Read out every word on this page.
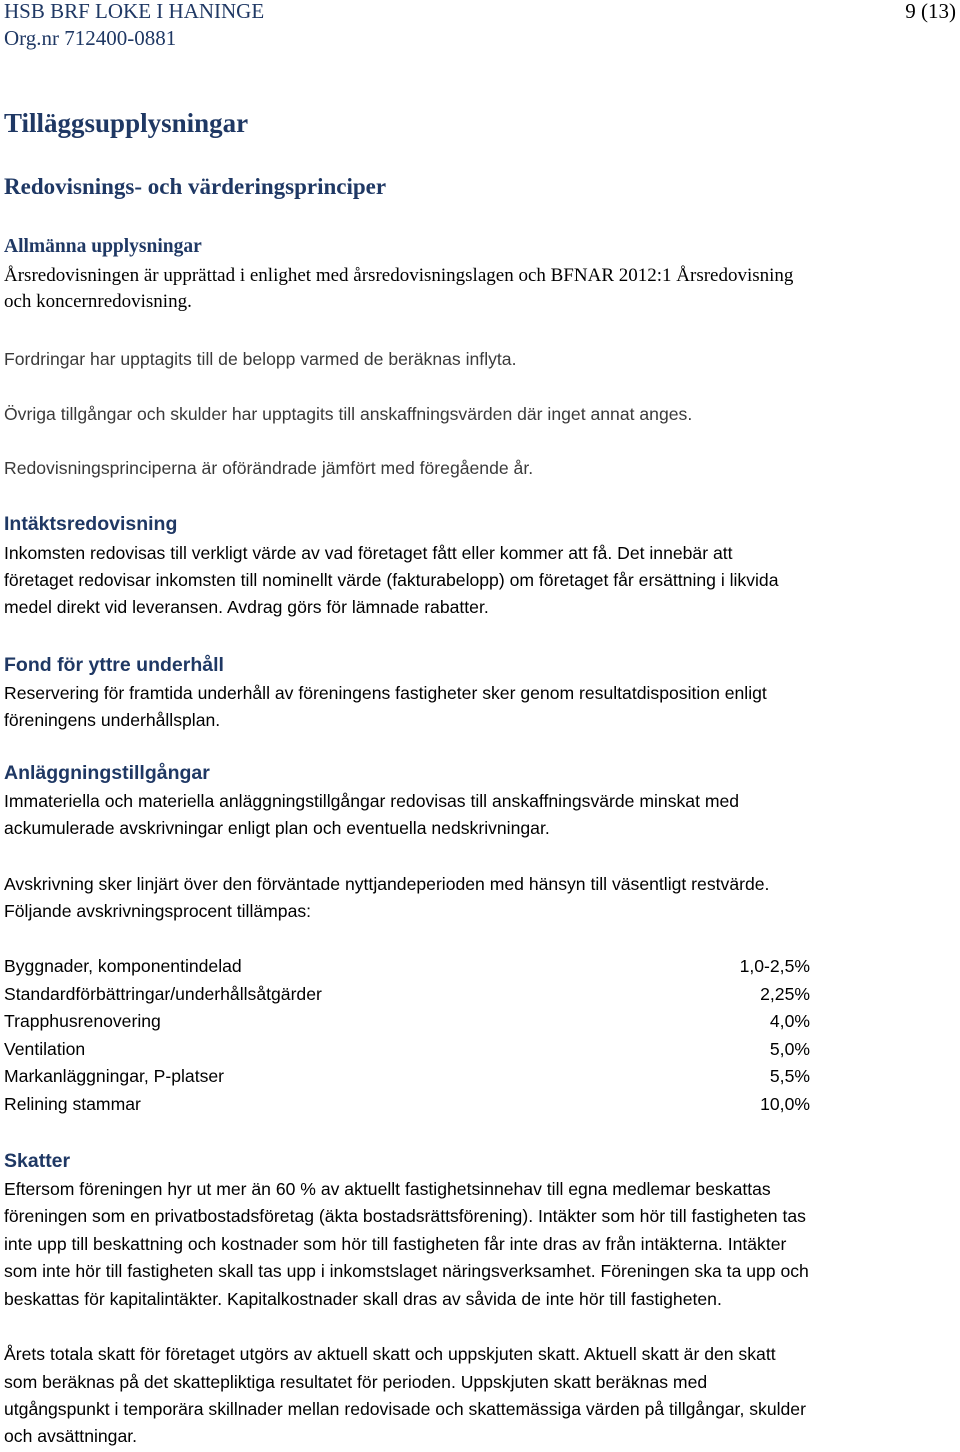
HSB BRF LOKE I HANINGE
Org.nr 712400-0881
9 (13)
Tilläggsupplysningar
Redovisnings- och värderingsprinciper
Allmänna upplysningar
Årsredovisningen är upprättad i enlighet med årsredovisningslagen och BFNAR 2012:1 Årsredovisning
och koncernredovisning.
Fordringar har upptagits till de belopp varmed de beräknas inflyta.
Övriga tillgångar och skulder har upptagits till anskaffningsvärden där inget annat anges.
Redovisningsprinciperna är oförändrade jämfört med föregående år.
Intäktsredovisning
Inkomsten redovisas till verkligt värde av vad företaget fått eller kommer att få. Det innebär att
företaget redovisar inkomsten till nominellt värde (fakturabelopp) om företaget får ersättning i likvida
medel direkt vid leveransen. Avdrag görs för lämnade rabatter.
Fond för yttre underhåll
Reservering för framtida underhåll av föreningens fastigheter sker genom resultatdisposition enligt
föreningens underhållsplan.
Anläggningstillgångar
Immateriella och materiella anläggningstillgångar redovisas till anskaffningsvärde minskat med
ackumulerade avskrivningar enligt plan och eventuella nedskrivningar.
Avskrivning sker linjärt över den förväntade nyttjandeperioden med hänsyn till väsentligt restvärde.
Följande avskrivningsprocent tillämpas:
Byggnader, komponentindelad	1,0-2,5%
Standardförbättringar/underhållsåtgärder	2,25%
Trapphusrenovering	4,0%
Ventilation	5,0%
Markanläggningar, P-platser	5,5%
Relining stammar	10,0%
Skatter
Eftersom föreningen hyr ut mer än 60 % av aktuellt fastighetsinnehav till egna medlemar beskattas
föreningen som en privatbostadsföretag (äkta bostadsrättsförening). Intäkter som hör till fastigheten tas
inte upp till beskattning och kostnader som hör till fastigheten får inte dras av från intäkterna. Intäkter
som inte hör till fastigheten skall tas upp i inkomstslaget näringsverksamhet. Föreningen ska ta upp och
beskattas för kapitalintäkter. Kapitalkostnader skall dras av såvida de inte hör till fastigheten.
Årets totala skatt för företaget utgörs av aktuell skatt och uppskjuten skatt. Aktuell skatt är den skatt
som beräknas på det skattepliktiga resultatet för perioden. Uppskjuten skatt beräknas med
utgångspunkt i temporära skillnader mellan redovisade och skattemässiga värden på tillgångar, skulder
och avsättningar.
